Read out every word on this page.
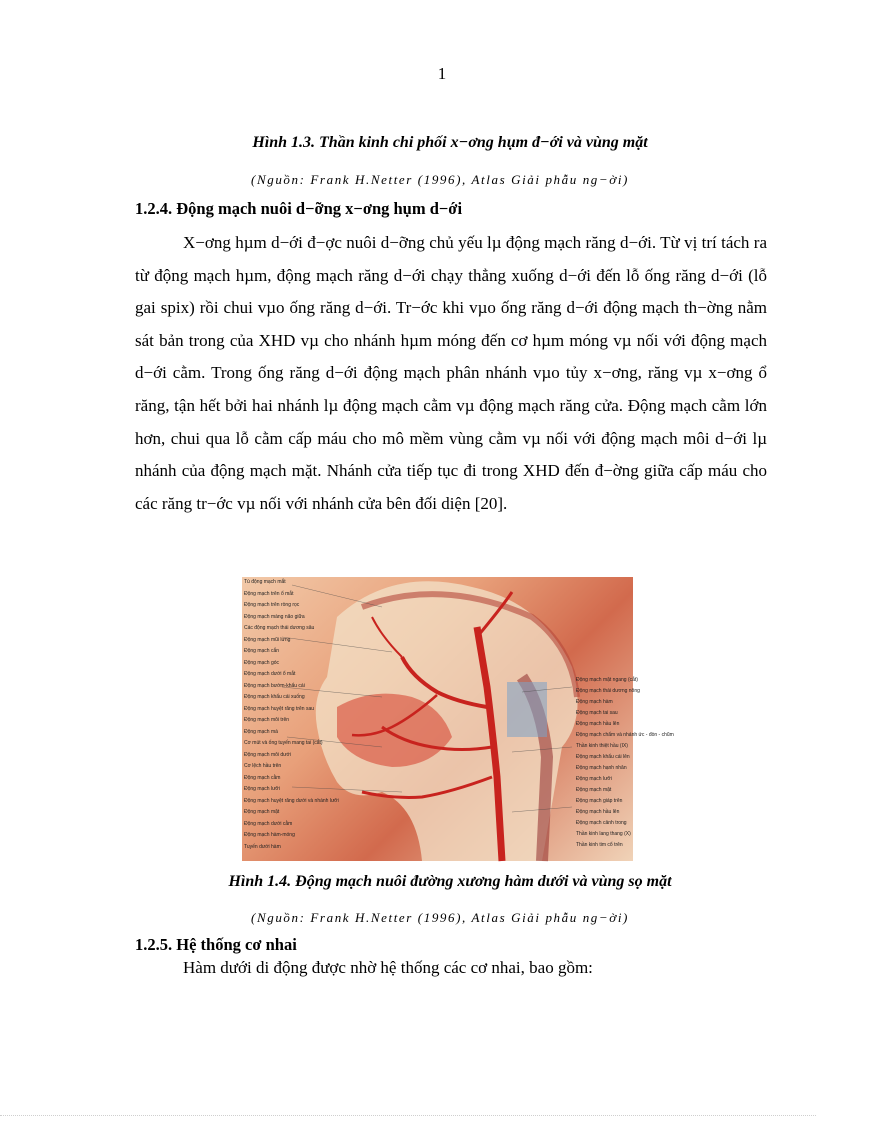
1
Hình 1.3. Thần kinh chi phối x−ơng hụm đ−ới và vùng mặt
(Nguồn: Frank H.Netter (1996), Atlas Giải phẫu ng−ời)
1.2.4. Động mạch nuôi d−ỡng x−ơng hụm d−ới

X−ơng hµm d−ới đ−ợc nuôi d−ỡng chủ yếu lµ động mạch răng d−ới. Từ vị trí tách ra từ động mạch hµm, động mạch răng d−ới chạy thẳng xuống d−ới đến lỗ ống răng d−ới (lỗ gai spix) rồi chui vµo ống răng d−ới. Tr−ớc khi vµo ống răng d−ới động mạch th−ờng nằm sát bản trong của XHD vµ cho nhánh hµm móng đến cơ hµm móng vµ nối với động mạch d−ới cằm. Trong ống răng d−ới động mạch phân nhánh vµo tủy x−ơng, răng vµ x−ơng ổ răng, tận hết bởi hai nhánh lµ động mạch cằm vµ động mạch răng cửa. Động mạch cằm lớn hơn, chui qua lỗ cằm cấp máu cho mô mềm vùng cằm vµ nối với động mạch môi d−ới lµ nhánh của động mạch mặt. Nhánh cửa tiếp tục đi trong XHD đến đ−ờng giữa cấp máu cho các răng tr−ớc vµ nối với nhánh cửa bên đối diện [20].

Tù động mạch mắt
Động mạch trên ổ mắt
Động mạch trên ròng rọc
Động mạch màng não giữa
Các động mạch thái dương sâu
Động mạch mũi lưng
Động mạch cắn
Động mạch góc
Động mạch dưới ổ mắt
Động mạch bướm-khẩu cái
Động mạch khẩu cái xuống
Động mạch huyệt răng trên sau
Động mạch môi trên
Động mạch má
Cơ mút và ống tuyến mang tai (cắt)
Động mạch môi dưới
Cơ lệch hầu trên
Động mạch cằm
Động mạch lưỡi
Động mạch huyệt răng dưới và nhánh lưỡi
Động mạch mặt
Động mạch dưới cằm
Động mạch hàm-móng
Tuyến dưới hàm
Động mạch mặt ngang (cắt)
Động mạch thái dương nông
Động mạch hàm
Động mạch tai sau
Động mạch hầu lên
Động mạch chẩm và nhánh ức - đòn - chũm
Thần kinh thiệt hầu (IX)
Động mạch khẩu cái lên
Động mạch hạnh nhân
Động mạch lưỡi
Động mạch mặt
Động mạch giáp trên
Động mạch hầu lên
Động mạch cảnh trong
Thần kinh lang thang (X)
Thần kinh tim cổ trên
Hình 1.4. Động mạch nuôi đường xương hàm dưới và vùng sọ mặt
(Nguồn: Frank H.Netter (1996), Atlas Giải phẫu ng−ời)
1.2.5. Hệ thống cơ nhai
Hàm dưới di động được nhờ hệ thống các cơ nhai, bao gồm:
